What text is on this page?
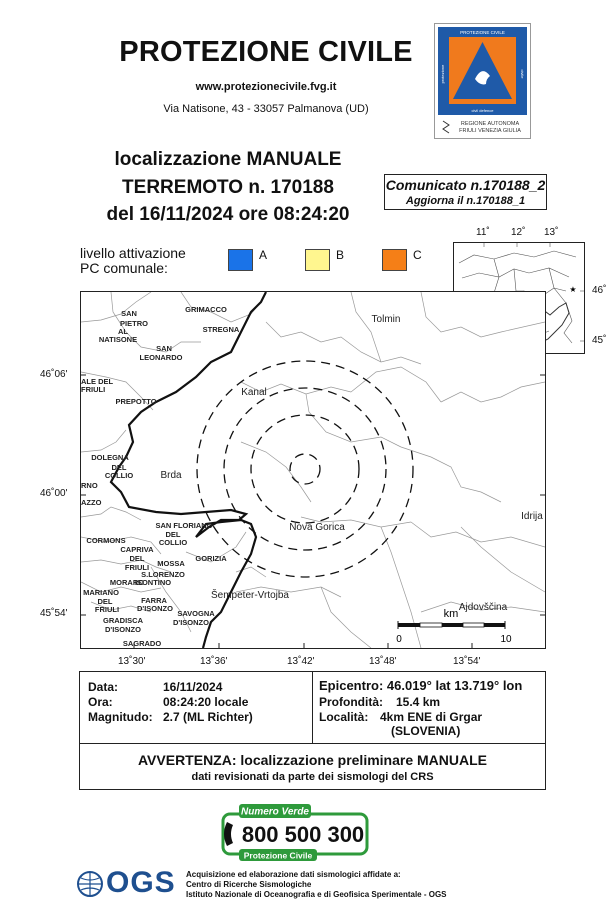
PROTEZIONE CIVILE
www.protezionecivile.fvg.it
Via Natisone, 43 - 33057 Palmanova (UD)
PROTEZIONE CIVILE
protezione	civile
civil defence
REGIONE AUTONOMA
FRIULI VENEZIA GIULIA
localizzazione MANUALE
TERREMOTO n. 170188
del 16/11/2024 ore 08:24:20
Comunicato n.170188_2
Aggiorna il n.170188_1
livello attivazione
PC comunale:
A	B	C
11˚ 12˚ 13˚
46˚
45˚
★
46˚06'
46˚00'
45˚54'
SAN
PIETRO
AL
NATISONE
GRIMACCO
STREGNA
SAN
LEONARDO
ALE DEL
FRIULI
PREPOTTO
DOLEGNA
DEL
COLLIO
RNO
AZZO
SAN FLORIANO
DEL
COLLIO
CORMONS
CAPRIVA
DEL
FRIULI MOSSA
GORIZIA
S.LORENZO
ISONTINO
MORARO
MARIANO
DEL
FRIULI
FARRA
D'ISONZO
SAVOGNA
D'ISONZO
GRADISCA
D'ISONZO
SAGRADO
Tolmin
Kanal
Brda
Nova Gorica
Idrija
Šempeter-Vrtojba
Ajdovščina
km
0	10
13˚30'	13˚36'	13˚42'	13˚48'	13˚54'
Data:	16/11/2024
Ora:	08:24:20 locale
Magnitudo: 2.7 (ML Richter)
Epicentro: 46.019° lat 13.719° lon
Profondità: 15.4 km
Località: 4km ENE di Grgar
(SLOVENIA)
AVVERTENZA: localizzazione preliminare MANUALE
dati revisionati da parte dei sismologi del CRS
Numero Verde
800 500 300
Protezione Civile
OGS Acquisizione ed elaborazione dati sismologici affidate a:
Centro di Ricerche Sismologiche
Istituto Nazionale di Oceanografia e di Geofisica Sperimentale - OGS
